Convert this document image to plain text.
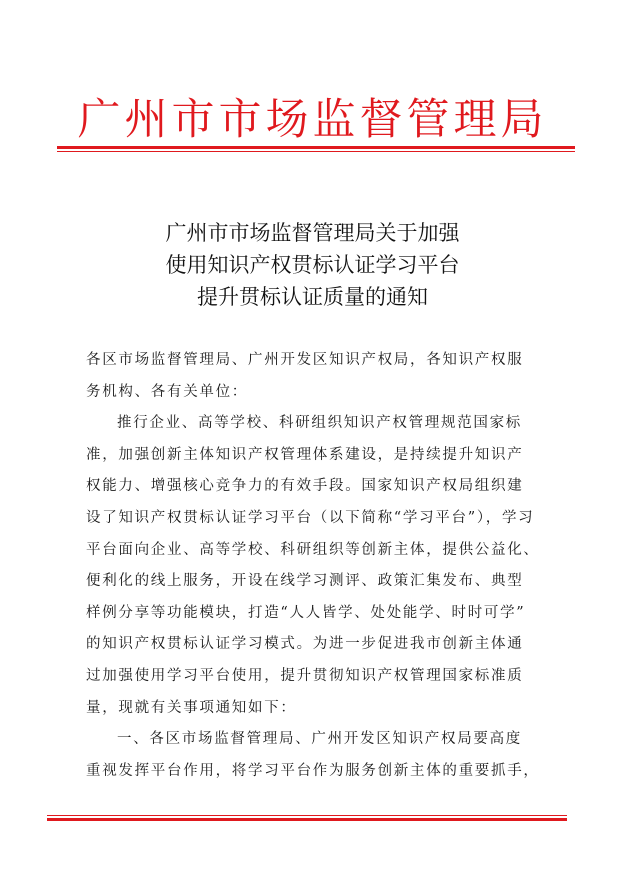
广州市市场监督管理局
广州市市场监督管理局关于加强
使用知识产权贯标认证学习平台
提升贯标认证质量的通知
各区市场监督管理局、广州开发区知识产权局，各知识产权服
务机构、各有关单位：
推行企业、高等学校、科研组织知识产权管理规范国家标
准，加强创新主体知识产权管理体系建设，是持续提升知识产
权能力、增强核心竞争力的有效手段。国家知识产权局组织建
设了知识产权贯标认证学习平台（以下简称“学习平台”），学习
平台面向企业、高等学校、科研组织等创新主体，提供公益化、
便利化的线上服务，开设在线学习测评、政策汇集发布、典型
样例分享等功能模块，打造“人人皆学、处处能学、时时可学”
的知识产权贯标认证学习模式。为进一步促进我市创新主体通
过加强使用学习平台使用，提升贯彻知识产权管理国家标准质
量，现就有关事项通知如下：
一、各区市场监督管理局、广州开发区知识产权局要高度
重视发挥平台作用，将学习平台作为服务创新主体的重要抓手，
